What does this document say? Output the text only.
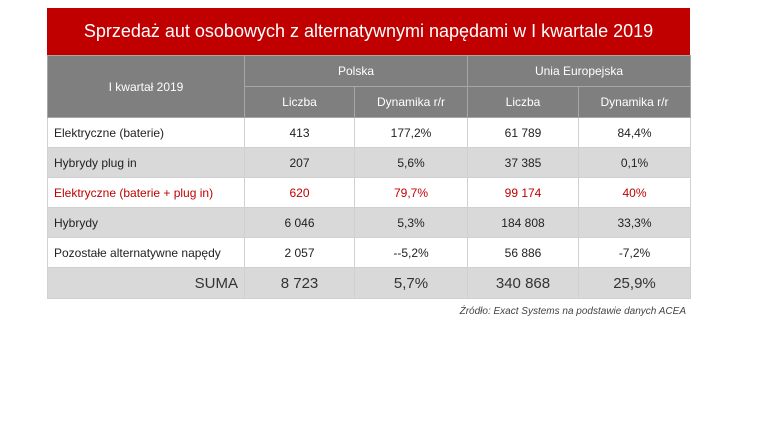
Sprzedaż aut osobowych z alternatywnymi napędami w I kwartale 2019
I kwartał 2019	Polska		Unia Europejska	
	Liczba	Dynamika r/r	Liczba	Dynamika r/r
Elektryczne (baterie)	413	177,2%	61 789	84,4%
Hybrydy plug in	207	5,6%	37 385	0,1%
Elektryczne (baterie + plug in)	620	79,7%	99 174	40%
Hybrydy	6 046	5,3%	184 808	33,3%
Pozostałe alternatywne napędy	2 057	--5,2%	56 886	-7,2%
SUMA	8 723	5,7%	340 868	25,9%
Źródło: Exact Systems na podstawie danych ACEA
